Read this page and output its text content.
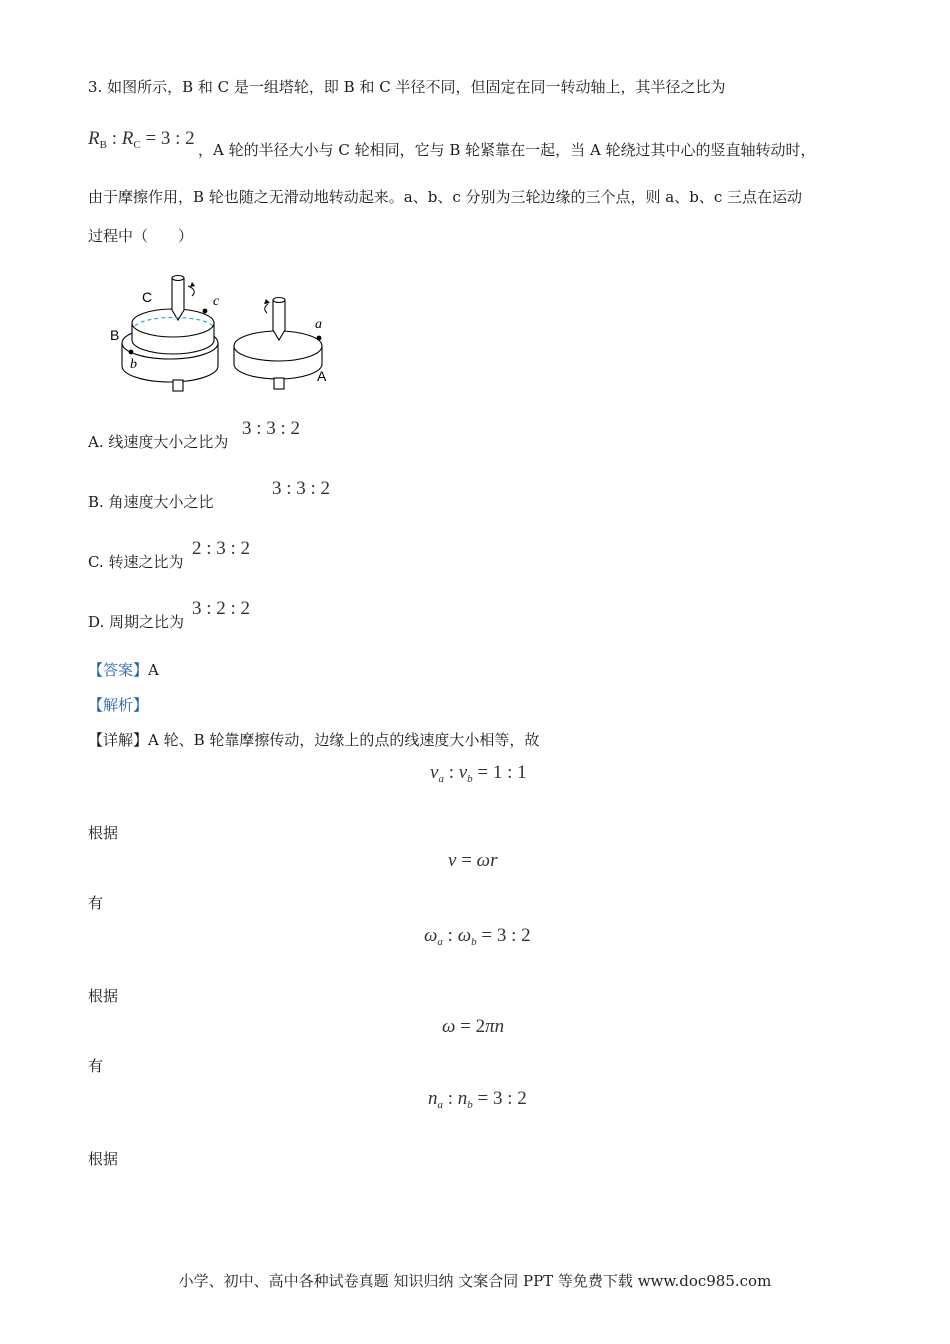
3. 如图所示，B 和 C 是一组塔轮，即 B 和 C 半径不同，但固定在同一转动轴上，其半径之比为
$R_B$ : $R_C = 3$ : 2
，A 轮的半径大小与 C 轮相同，它与 B 轮紧靠在一起，当 A 轮绕过其中心的竖直轴转动时，
由于摩擦作用，B 轮也随之无滑动地转动起来。a、b、c 分别为三轮边缘的三个点，则 a、b、c 三点在运动
过程中（　　）
C	c
B
b
a
A
A. 线速度大小之比为
3 : 3 : 2
B. 角速度大小之比
3 : 3 : 2
C. 转速之比为
2 : 3 : 2
D. 周期之比为
3 : 2 : 2
【答案】A
【解析】
【详解】A 轮、B 轮靠摩擦传动，边缘上的点的线速度大小相等，故
$v_a$ : $v_b = 1$ : 1
根据
v = ωr
有
$\omega_a$ : $\omega_b = 3$ : 2
根据
ω = 2πn
有
$n_a$ : $n_b = 3$ : 2
根据
小学、初中、高中各种试卷真题 知识归纳 文案合同 PPT 等免费下载 www.doc985.com
